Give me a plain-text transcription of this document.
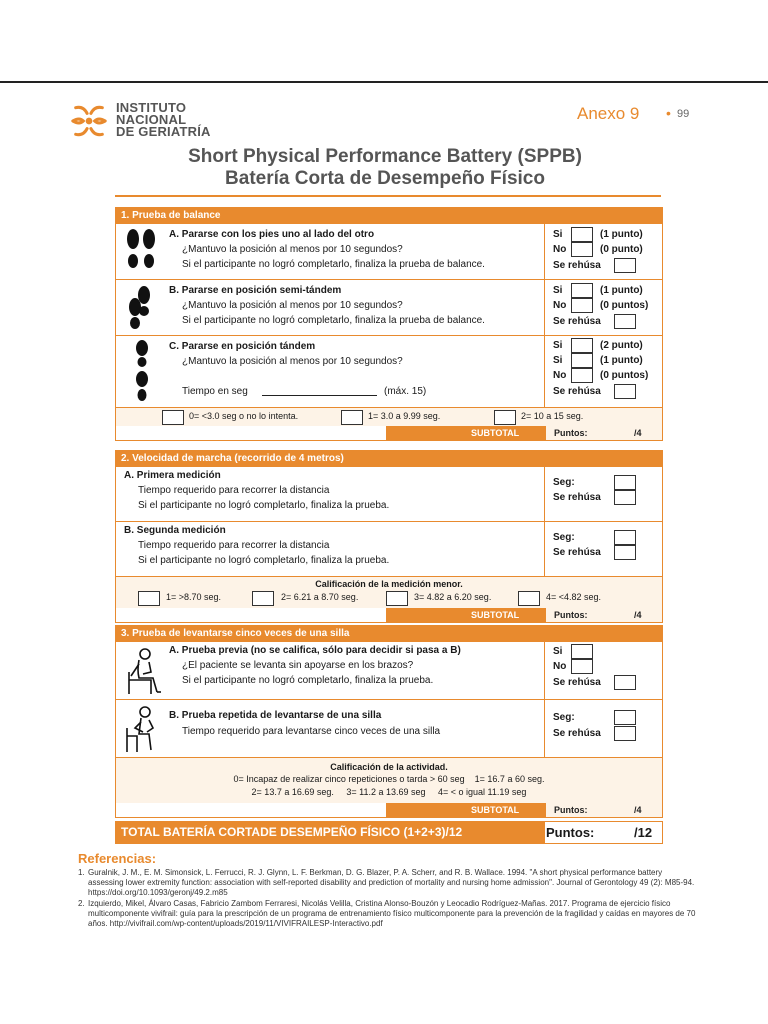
INSTITUTO
NACIONAL
DE GERIATRÍA
Anexo 9 • 99
Short Physical Performance Battery (SPPB)
Batería Corta de Desempeño Físico
1. Prueba de balance
A. Pararse con los pies uno al lado del otro
¿Mantuvo la posición al menos por 10 segundos?
Si el participante no logró completarlo, finaliza la prueba de balance.
Si	(1 punto)
No	(0 punto)
Se rehúsa
B. Pararse en posición semi-tándem
¿Mantuvo la posición al menos por 10 segundos?
Si el participante no logró completarlo, finaliza la prueba de balance.
Si	(1 punto)
No	(0 puntos)
Se rehúsa
C. Pararse en posición tándem
¿Mantuvo la posición al menos por 10 segundos?
Tiempo en seg	(máx. 15)
Si	(2 punto)
Si	(1 punto)
No	(0 puntos)
Se rehúsa
0= <3.0 seg o no lo intenta.	1= 3.0 a 9.99 seg.	2= 10 a 15 seg.
SUBTOTAL	Puntos:	/4
2. Velocidad de marcha (recorrido de 4 metros)
A. Primera medición
Tiempo requerido para recorrer la distancia
Si el participante no logró completarlo, finaliza la prueba.
Seg:
Se rehúsa
B. Segunda medición
Tiempo requerido para recorrer la distancia
Si el participante no logró completarlo, finaliza la prueba.
Seg:
Se rehúsa
Calificación de la medición menor.
1= >8.70 seg.	2= 6.21 a 8.70 seg.	3= 4.82 a 6.20 seg.	4= <4.82 seg.
SUBTOTAL	Puntos:	/4
3. Prueba de levantarse cinco veces de una silla
A. Prueba previa (no se califica, sólo para decidir si pasa a B)
¿El paciente se levanta sin apoyarse en los brazos?
Si el participante no logró completarlo, finaliza la prueba.
Si
No
Se rehúsa
B. Prueba repetida de levantarse de una silla
Tiempo requerido para levantarse cinco veces de una silla
Seg:
Se rehúsa
Calificación de la actividad.
0= Incapaz de realizar cinco repeticiones o tarda > 60 seg    1= 16.7 a 60 seg.
2= 13.7 a 16.69 seg.     3= 11.2 a 13.69 seg     4= < o igual 11.19 seg
SUBTOTAL	Puntos:	/4
TOTAL BATERÍA CORTADE DESEMPEÑO FÍSICO (1+2+3)/12	Puntos:	/12
Referencias:
1. Guralnik, J. M., E. M. Simonsick, L. Ferrucci, R. J. Glynn, L. F. Berkman, D. G. Blazer, P. A. Scherr, and R. B. Wallace. 1994. "A short physical performance battery assessing lower extremity function: association with self-reported disability and prediction of mortality and nursing home admission". Journal of Gerontology 49 (2): M85-94. https://doi.org/10.1093/geronj/49.2.m85
2. Izquierdo, Mikel, Álvaro Casas, Fabricio Zambom Ferraresi, Nicolás Velilla, Cristina Alonso-Bouzón y Leocadio Rodríguez-Mañas. 2017. Programa de ejercicio físico multicomponente vivifrail: guía para la prescripción de un programa de entrenamiento físico multicomponente para la prevención de la fragilidad y caídas en mayores de 70 años. http://vivifrail.com/wp-content/uploads/2019/11/VIVIFRAILESP-Interactivo.pdf
